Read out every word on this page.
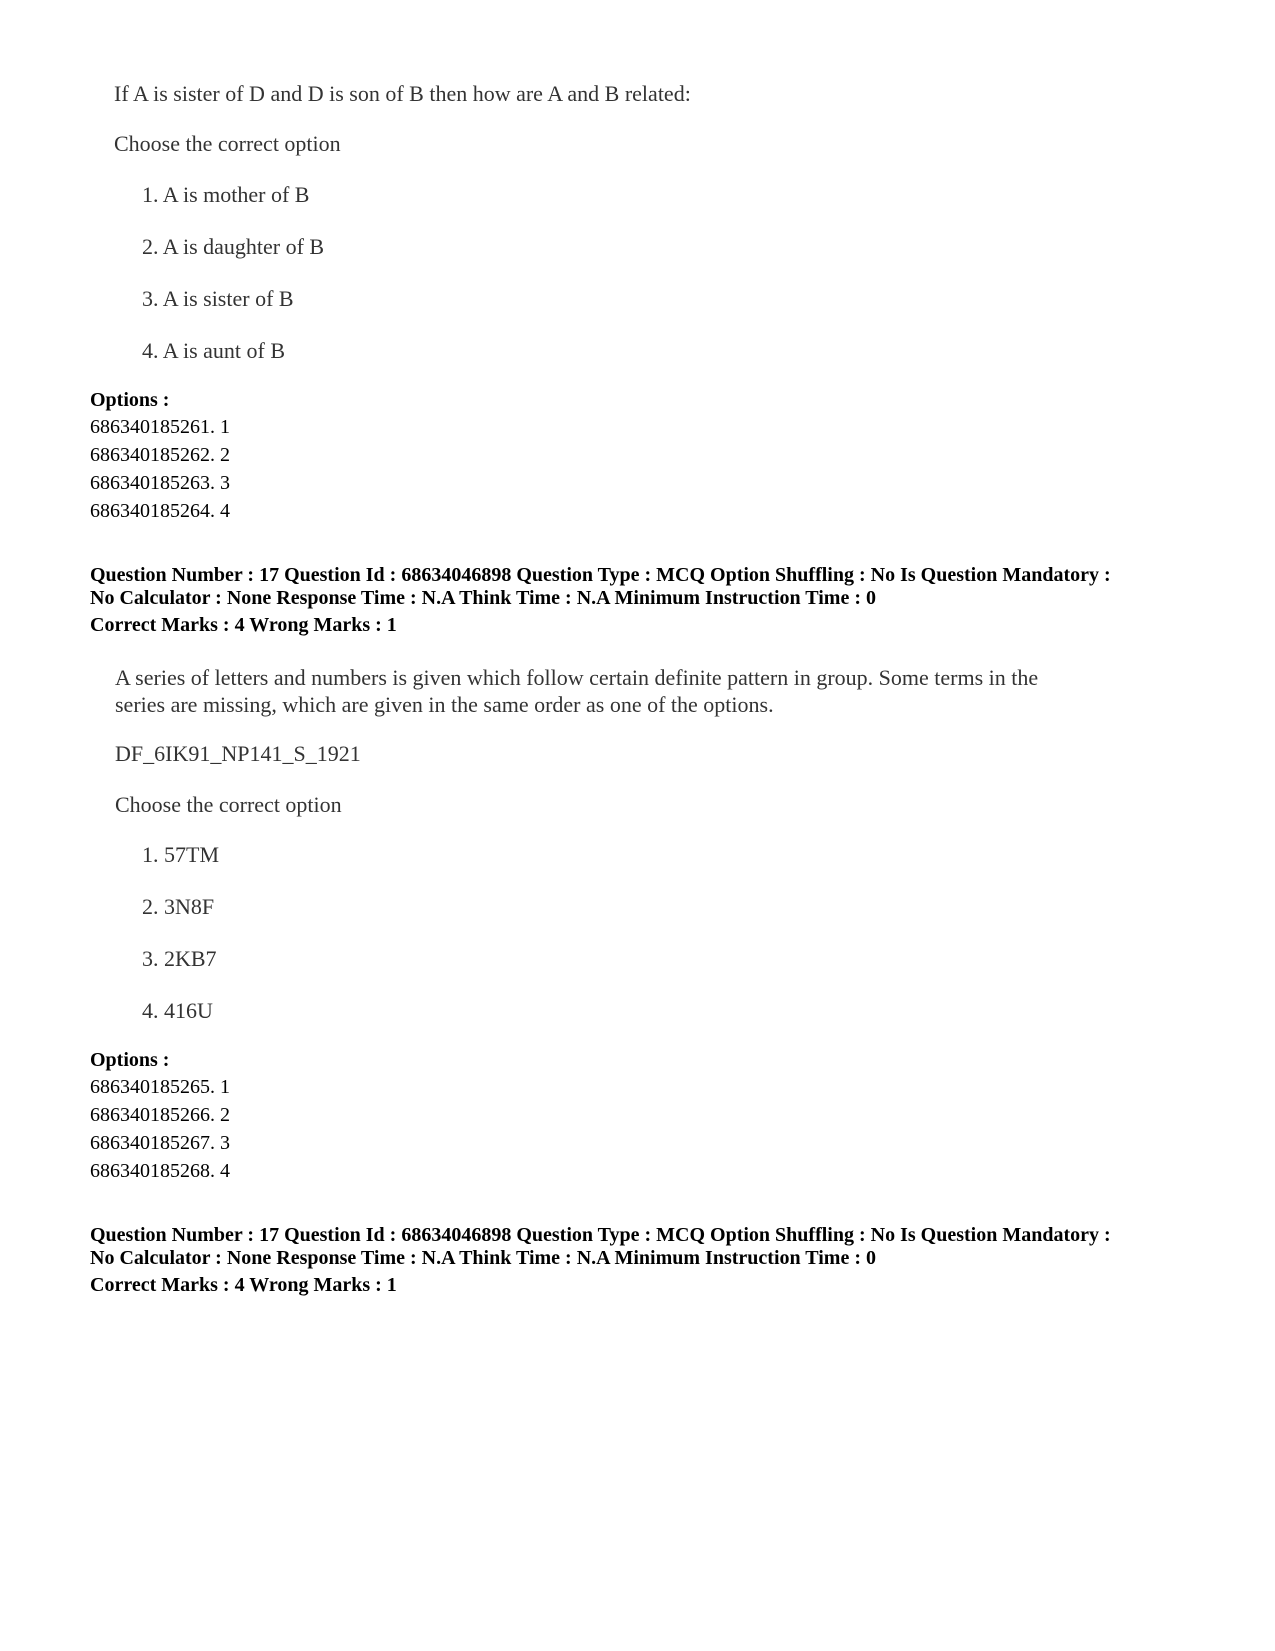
If A is sister of D and D is son of B then how are A and B related:
Choose the correct option
1. A is mother of B
2. A is daughter of B
3. A is sister of B
4. A is aunt of B
Options :
686340185261. 1
686340185262. 2
686340185263. 3
686340185264. 4
Question Number : 17 Question Id : 68634046898 Question Type : MCQ Option Shuffling : No Is Question Mandatory :
No Calculator : None Response Time : N.A Think Time : N.A Minimum Instruction Time : 0
Correct Marks : 4 Wrong Marks : 1
A series of letters and numbers is given which follow certain definite pattern in group. Some terms in the
series are missing, which are given in the same order as one of the options.
DF_6IK91_NP141_S_1921
Choose the correct option
1. 57TM
2. 3N8F
3. 2KB7
4. 416U
Options :
686340185265. 1
686340185266. 2
686340185267. 3
686340185268. 4
Question Number : 17 Question Id : 68634046898 Question Type : MCQ Option Shuffling : No Is Question Mandatory :
No Calculator : None Response Time : N.A Think Time : N.A Minimum Instruction Time : 0
Correct Marks : 4 Wrong Marks : 1
